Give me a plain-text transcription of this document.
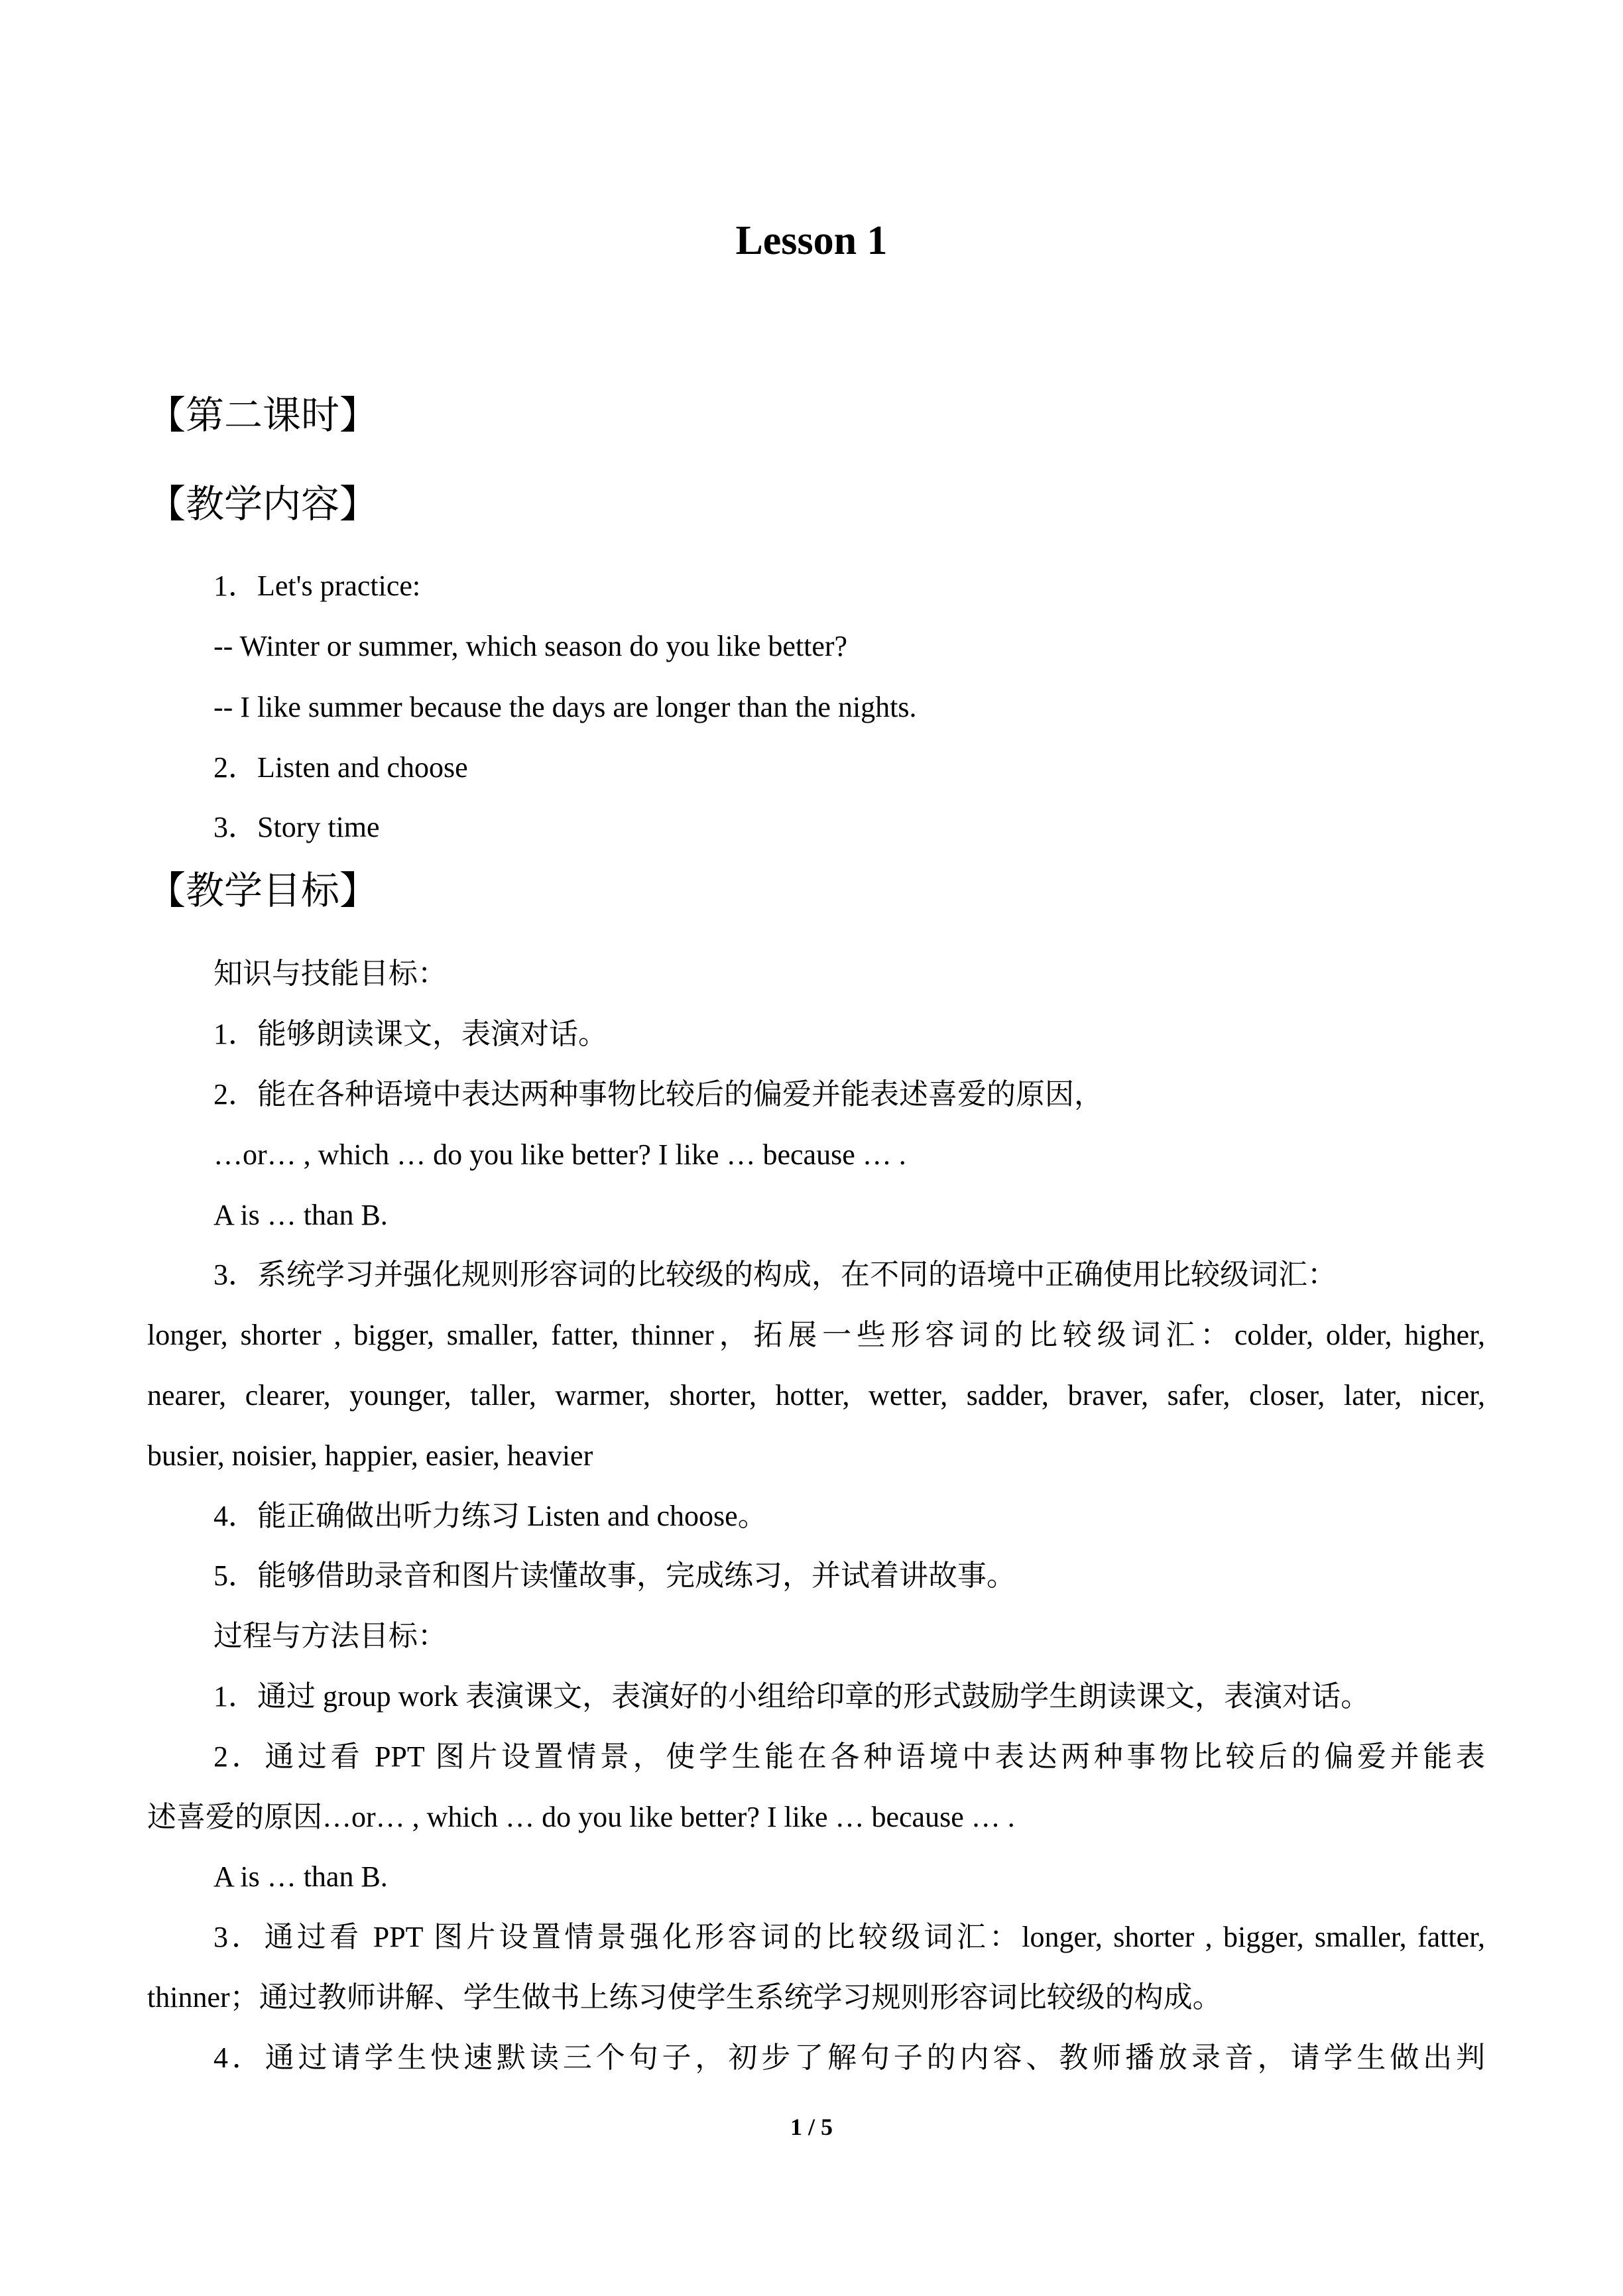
Lesson 1
【第二课时】
【教学内容】
1．Let's practice:
-- Winter or summer, which season do you like better?
-- I like summer because the days are longer than the nights.
2．Listen and choose
3．Story time
【教学目标】
知识与技能目标：
1．能够朗读课文，表演对话。
2．能在各种语境中表达两种事物比较后的偏爱并能表述喜爱的原因，
…or… , which … do you like better? I like … because … .
A is … than B.
3．系统学习并强化规则形容词的比较级的构成，在不同的语境中正确使用比较级词汇：
longer, shorter , bigger, smaller, fatter, thinner，拓展一些形容词的比较级词汇：colder, older, higher,
nearer, clearer, younger, taller, warmer, shorter, hotter, wetter, sadder, braver, safer, closer, later, nicer,
busier, noisier, happier, easier, heavier
4．能正确做出听力练习 Listen and choose。
5．能够借助录音和图片读懂故事，完成练习，并试着讲故事。
过程与方法目标：
1．通过 group work 表演课文，表演好的小组给印章的形式鼓励学生朗读课文，表演对话。
2．通过看 PPT 图片设置情景，使学生能在各种语境中表达两种事物比较后的偏爱并能表
述喜爱的原因…or… , which … do you like better? I like … because … .
A is … than B.
3．通过看 PPT 图片设置情景强化形容词的比较级词汇：longer, shorter , bigger, smaller, fatter,
thinner；通过教师讲解、学生做书上练习使学生系统学习规则形容词比较级的构成。
4．通过请学生快速默读三个句子，初步了解句子的内容、教师播放录音，请学生做出判
1 / 5
